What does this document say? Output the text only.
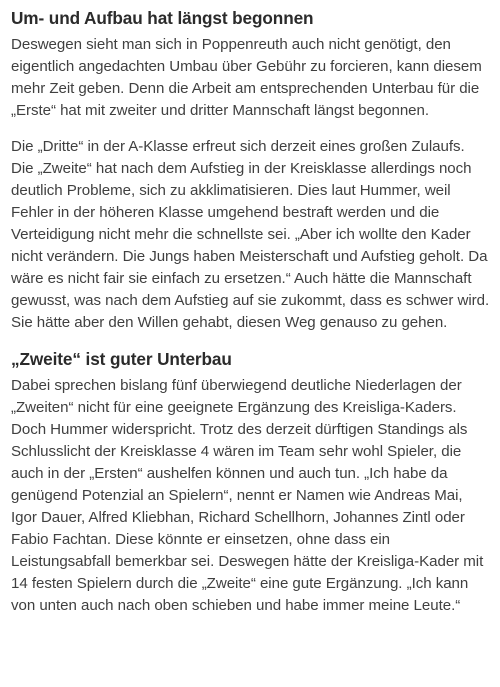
Um- und Aufbau hat längst begonnen

Deswegen sieht man sich in Poppenreuth auch nicht genötigt, den eigentlich angedachten Umbau über Gebühr zu forcieren, kann diesem mehr Zeit geben. Denn die Arbeit am entsprechenden Unterbau für die „Erste“ hat mit zweiter und dritter Mannschaft längst begonnen.

Die „Dritte“ in der A-Klasse erfreut sich derzeit eines großen Zulaufs. Die „Zweite“ hat nach dem Aufstieg in der Kreisklasse allerdings noch deutlich Probleme, sich zu akklimatisieren. Dies laut Hummer, weil Fehler in der höheren Klasse umgehend bestraft werden und die Verteidigung nicht mehr die schnellste sei. „Aber ich wollte den Kader nicht verändern. Die Jungs haben Meisterschaft und Aufstieg geholt. Da wäre es nicht fair sie einfach zu ersetzen.“ Auch hätte die Mannschaft gewusst, was nach dem Aufstieg auf sie zukommt, dass es schwer wird. Sie hätte aber den Willen gehabt, diesen Weg genauso zu gehen.

„Zweite“ ist guter Unterbau

Dabei sprechen bislang fünf überwiegend deutliche Niederlagen der „Zweiten“ nicht für eine geeignete Ergänzung des Kreisliga-Kaders. Doch Hummer widerspricht. Trotz des derzeit dürftigen Standings als Schlusslicht der Kreisklasse 4 wären im Team sehr wohl Spieler, die auch in der „Ersten“ aushelfen können und auch tun. „Ich habe da genügend Potenzial an Spielern“, nennt er Namen wie Andreas Mai, Igor Dauer, Alfred Kliebhan, Richard Schellhorn, Johannes Zintl oder Fabio Fachtan. Diese könnte er einsetzen, ohne dass ein Leistungsabfall bemerkbar sei. Deswegen hätte der Kreisliga-Kader mit 14 festen Spielern durch die „Zweite“ eine gute Ergänzung. „Ich kann von unten auch nach oben schieben und habe immer meine Leute.“
